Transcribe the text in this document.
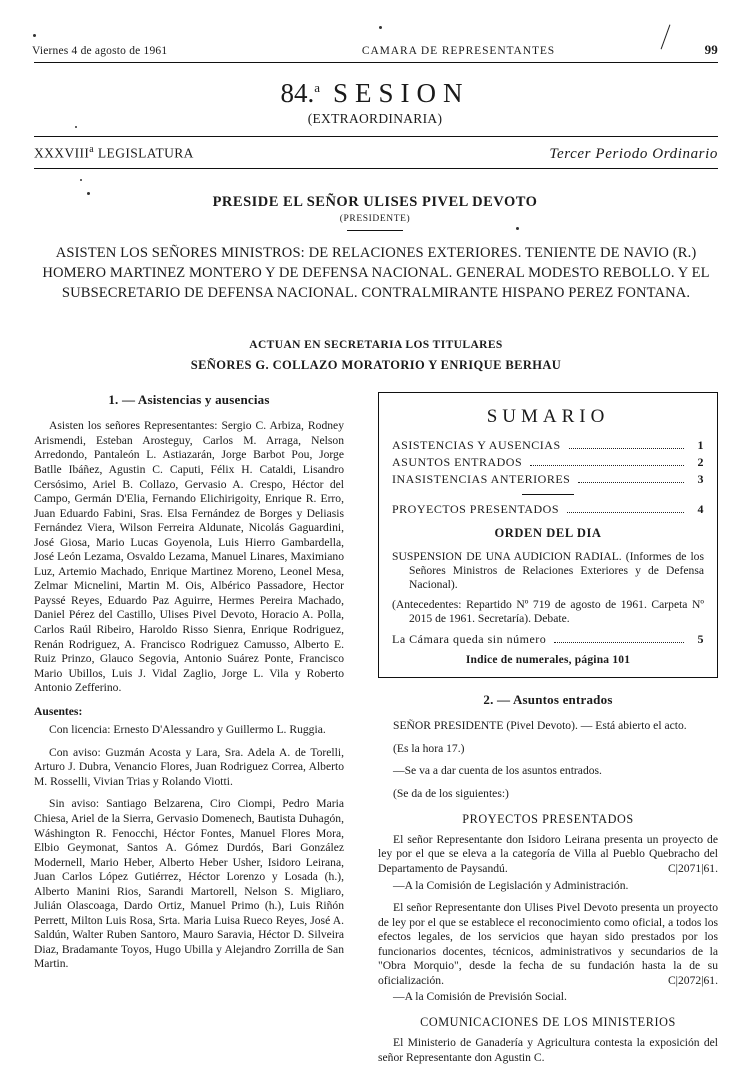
Viernes 4 de agosto de 1961	CAMARA DE REPRESENTANTES	99
84.$^a$ SESION
(EXTRAORDINARIA)
XXXVIII$^a$ LEGISLATURA	Tercer Periodo Ordinario
PRESIDE EL SEÑOR ULISES PIVEL DEVOTO
(PRESIDENTE)
ASISTEN LOS SEÑORES MINISTROS: DE RELACIONES EXTERIORES. TENIENTE DE NAVIO (R.) HOMERO MARTINEZ MONTERO Y DE DEFENSA NACIONAL. GENERAL MODESTO REBOLLO. Y EL SUBSECRETARIO DE DEFENSA NACIONAL. CONTRALMIRANTE HISPANO PEREZ FONTANA.
ACTUAN EN SECRETARIA LOS TITULARES
SEÑORES G. COLLAZO MORATORIO Y ENRIQUE BERHAU
1. — Asistencias y ausencias

Asisten los señores Representantes: Sergio C. Arbiza, Rodney Arismendi, Esteban Arosteguy, Carlos M. Arraga, Nelson Arredondo, Pantaleón L. Astiazarán, Jorge Barbot Pou, Jorge Batlle Ibáñez, Agustin C. Caputi, Félix H. Cataldi, Lisandro Cersósimo, Ariel B. Collazo, Gervasio A. Crespo, Héctor del Campo, Germán D'Elia, Fernando Elichirigoity, Enrique R. Erro, Juan Eduardo Fabini, Sras. Elsa Fernández de Borges y Deliasis Fernández Viera, Wilson Ferreira Aldunate, Nicolás Gaguardini, José Giosa, Mario Lucas Goyenola, Luis Hierro Gambardella, José León Lezama, Osvaldo Lezama, Manuel Linares, Maximiano Luz, Artemio Machado, Enrique Martinez Moreno, Leonel Mesa, Zelmar Micnelini, Martin M. Ois, Albérico Passadore, Hector Payssé Reyes, Eduardo Paz Aguirre, Hermes Pereira Machado, Daniel Pérez del Castillo, Ulises Pivel Devoto, Horacio A. Polla, Carlos Raúl Ribeiro, Haroldo Risso Sienra, Enrique Rodriguez, Renán Rodriguez, A. Francisco Rodriguez Camusso, Alberto E. Ruiz Prinzo, Glauco Segovia, Antonio Suárez Ponte, Francisco Mario Ubillos, Luis J. Vidal Zaglio, Jorge L. Vila y Roberto Antonio Zefferino.

Ausentes:

Con licencia: Ernesto D'Alessandro y Guillermo L. Ruggia.

Con aviso: Guzmán Acosta y Lara, Sra. Adela A. de Torelli, Arturo J. Dubra, Venancio Flores, Juan Rodriguez Correa, Alberto M. Rosselli, Vivian Trias y Rolando Viotti.

Sin aviso: Santiago Belzarena, Ciro Ciompi, Pedro Maria Chiesa, Ariel de la Sierra, Gervasio Domenech, Bautista Duhagón, Wáshington R. Fenocchi, Héctor Fontes, Manuel Flores Mora, Elbio Geymonat, Santos A. Gómez Durdós, Bari González Modernell, Mario Heber, Alberto Heber Usher, Isidoro Leirana, Juan Carlos López Gutiérrez, Héctor Lorenzo y Losada (h.), Alberto Manini Rios, Sarandi Martorell, Nelson S. Migliaro, Julián Olascoaga, Dardo Ortiz, Manuel Primo (h.), Luis Riñón Perrett, Milton Luis Rosa, Srta. Maria Luisa Rueco Reyes, José A. Saldún, Walter Ruben Santoro, Mauro Saravia, Héctor D. Silveira Diaz, Bradamante Toyos, Hugo Ubilla y Alejandro Zorrilla de San Martin.

SUMARIO
ASISTENCIAS Y AUSENCIAS	1
ASUNTOS ENTRADOS	2
INASISTENCIAS ANTERIORES	3
PROYECTOS PRESENTADOS	4
ORDEN DEL DIA
SUSPENSION DE UNA AUDICION RADIAL. (Informes de los Señores Ministros de Relaciones Exteriores y de Defensa Nacional).
(Antecedentes: Repartido Nº 719 de agosto de 1961. Carpeta Nº 2015 de 1961. Secretaría). Debate.
La Cámara queda sin número	5
Indice de numerales, página 101
2. — Asuntos entrados

SEÑOR PRESIDENTE (Pivel Devoto). — Está abierto el acto.

(Es la hora 17.)

—Se va a dar cuenta de los asuntos entrados.

(Se da de los siguientes:)

PROYECTOS PRESENTADOS

El señor Representante don Isidoro Leirana presenta un proyecto de ley por el que se eleva a la categoría de Villa al Pueblo Quebracho del Departamento de Paysandú.	C|2071|61.

—A la Comisión de Legislación y Administración.

El señor Representante don Ulises Pivel Devoto presenta un proyecto de ley por el que se establece el reconocimiento como oficial, a todos los efectos legales, de los servicios que hayan sido prestados por los funcionarios docentes, técnicos, administrativos y secundarios de la "Obra Morquio", desde la fecha de su fundación hasta la de su oficialización.	C|2072|61.

—A la Comisión de Previsión Social.

COMUNICACIONES DE LOS MINISTERIOS

El Ministerio de Ganadería y Agricultura contesta la exposición del señor Representante don Agustin C.
